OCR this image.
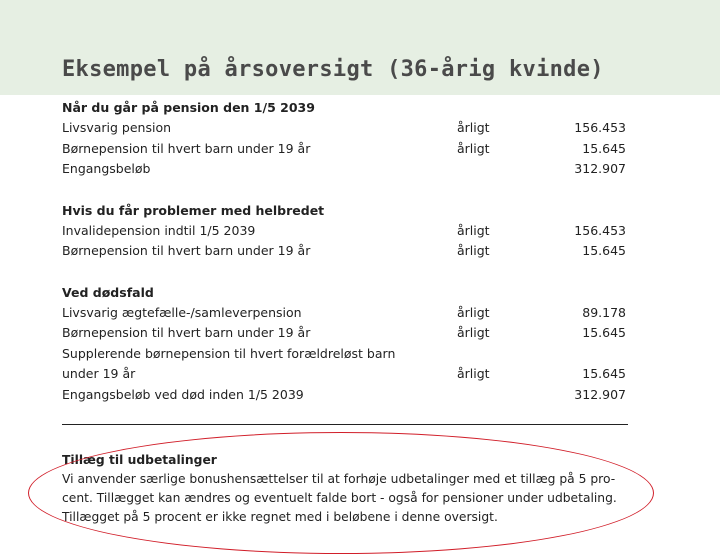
Eksempel på årsoversigt (36-årig kvinde)
Når du går på pension den 1/5 2039
Livsvarig pension	årligt	156.453
Børnepension til hvert barn under 19 år	årligt	15.645
Engangsbeløb	312.907
Hvis du får problemer med helbredet
Invalidepension indtil 1/5 2039	årligt	156.453
Børnepension til hvert barn under 19 år	årligt	15.645
Ved dødsfald
Livsvarig ægtefælle-/samleverpension	årligt	89.178
Børnepension til hvert barn under 19 år	årligt	15.645
Supplerende børnepension til hvert forældreløst barn under 19 år	årligt	15.645
Engangsbeløb ved død inden 1/5 2039	312.907
Tillæg til udbetalinger
Vi anvender særlige bonushensættelser til at forhøje udbetalinger med et tillæg på 5 pro-
cent. Tillægget kan ændres og eventuelt falde bort - også for pensioner under udbetaling.
Tillægget på 5 procent er ikke regnet med i beløbene i denne oversigt.
